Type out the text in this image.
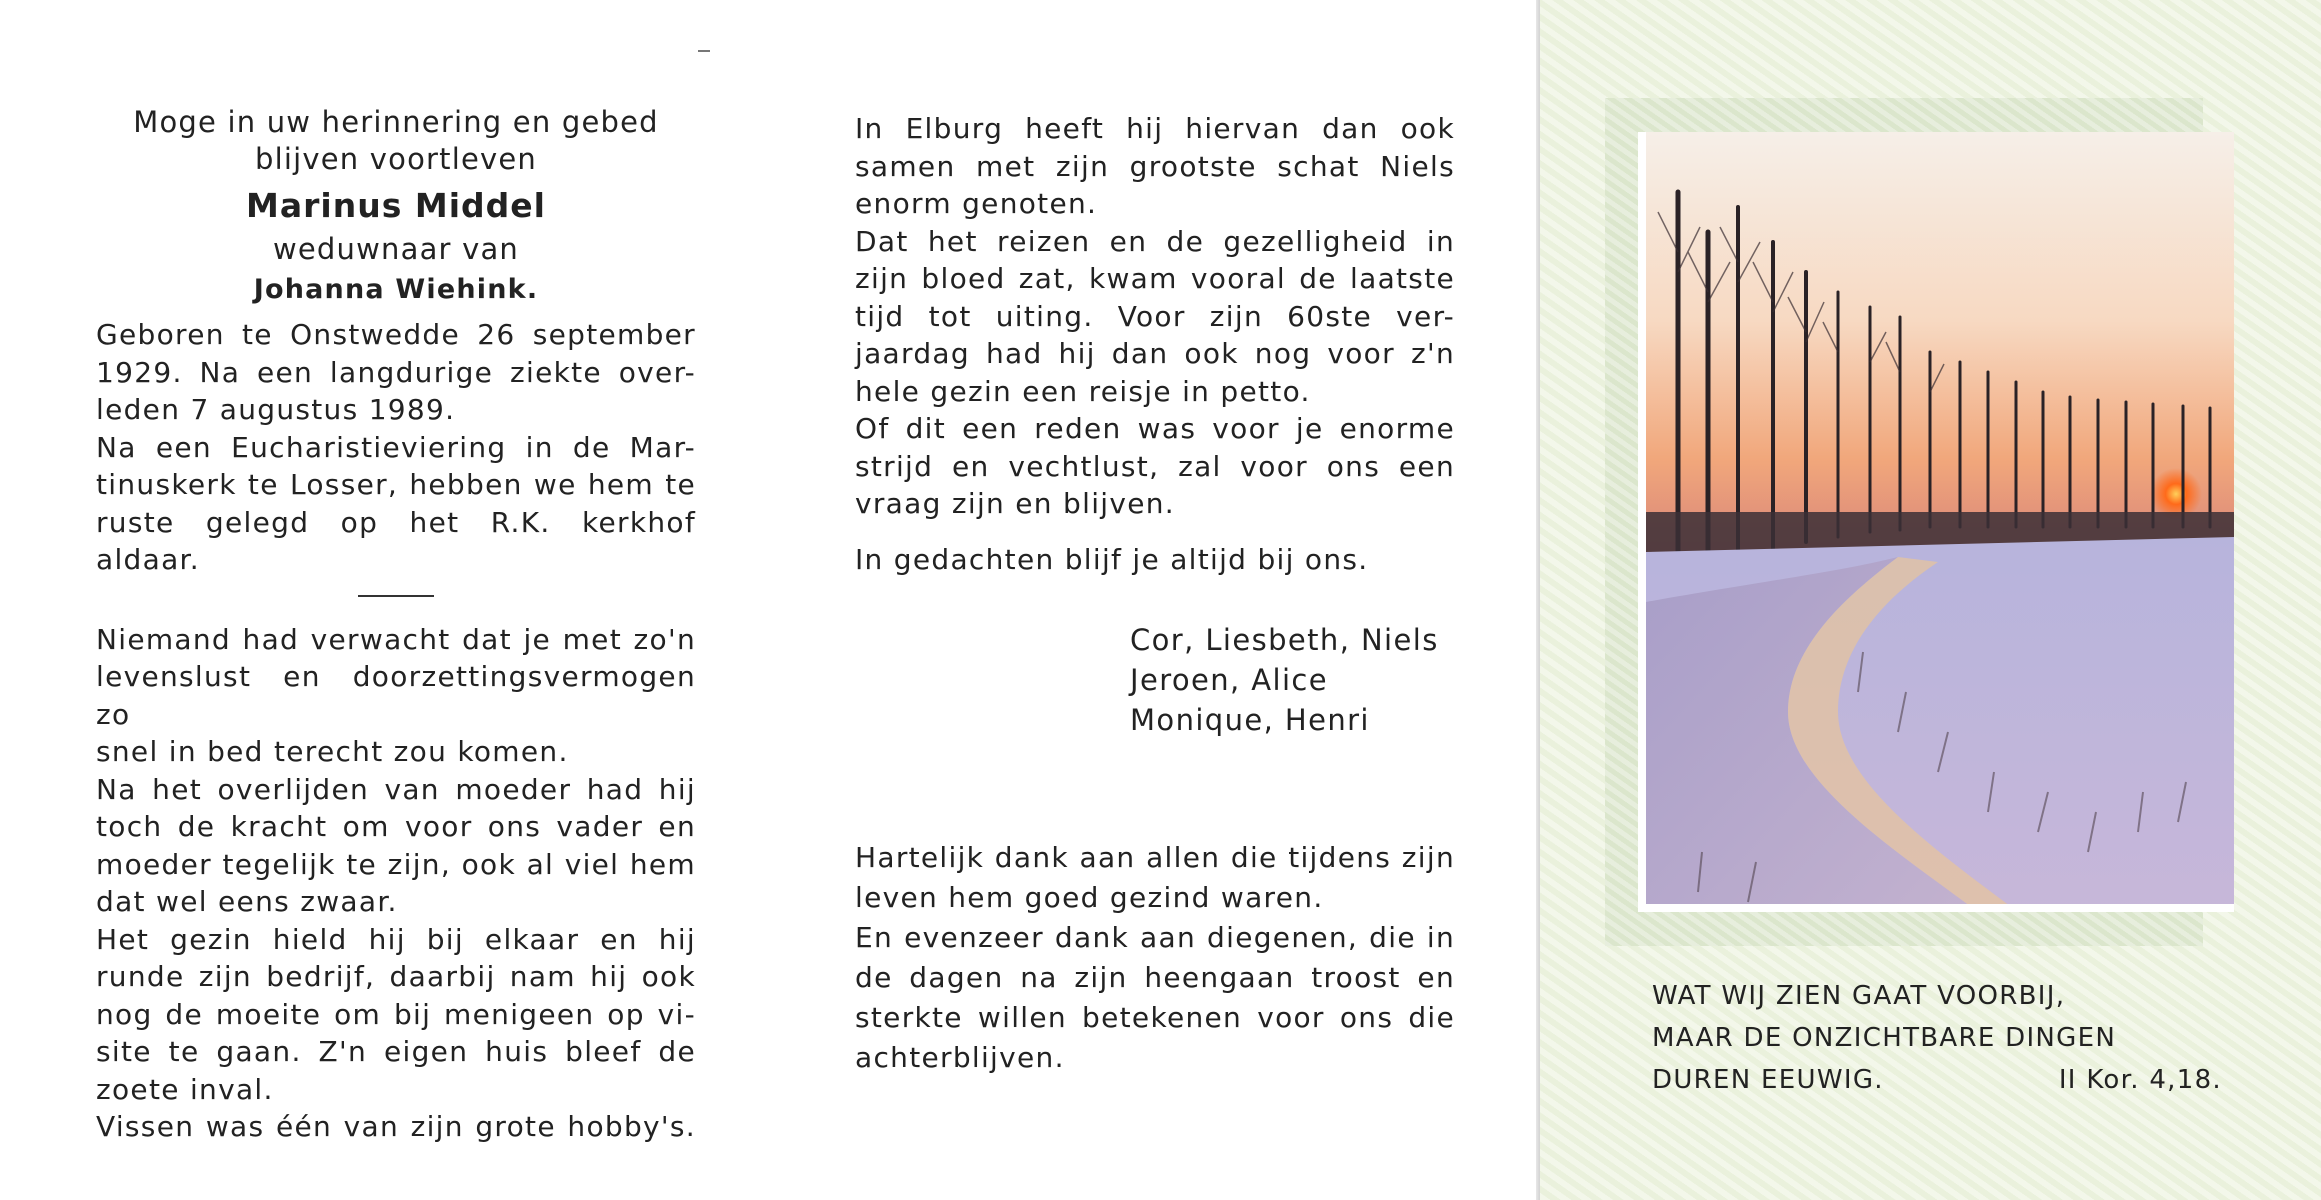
Moge in uw herinnering en gebed
blijven voortleven
Marinus Middel
weduwnaar van
Johanna Wiehink.
Geboren te Onstwedde 26 september
1929. Na een langdurige ziekte over-
leden 7 augustus 1989.
Na een Eucharistieviering in de Mar-
tinuskerk te Losser, hebben we hem te
ruste gelegd op het R.K. kerkhof aldaar.
Niemand had verwacht dat je met zo'n
levenslust en doorzettingsvermogen zo
snel in bed terecht zou komen.
Na het overlijden van moeder had hij
toch de kracht om voor ons vader en
moeder tegelijk te zijn, ook al viel hem
dat wel eens zwaar.
Het gezin hield hij bij elkaar en hij
runde zijn bedrijf, daarbij nam hij ook
nog de moeite om bij menigeen op vi-
site te gaan. Z'n eigen huis bleef de
zoete inval.
Vissen was één van zijn grote hobby's.
In Elburg heeft hij hiervan dan ook
samen met zijn grootste schat Niels
enorm genoten.
Dat het reizen en de gezelligheid in
zijn bloed zat, kwam vooral de laatste
tijd tot uiting. Voor zijn 60ste ver-
jaardag had hij dan ook nog voor z'n
hele gezin een reisje in petto.
Of dit een reden was voor je enorme
strijd en vechtlust, zal voor ons een
vraag zijn en blijven.
In gedachten blijf je altijd bij ons.
Cor, Liesbeth, Niels
Jeroen, Alice
Monique, Henri
Hartelijk dank aan allen die tijdens zijn
leven hem goed gezind waren.
En evenzeer dank aan diegenen, die in
de dagen na zijn heengaan troost en
sterkte willen betekenen voor ons die
achterblijven.
WAT WIJ ZIEN GAAT VOORBIJ,
MAAR DE ONZICHTBARE DINGEN
DUREN EEUWIG.	II Kor. 4,18.
